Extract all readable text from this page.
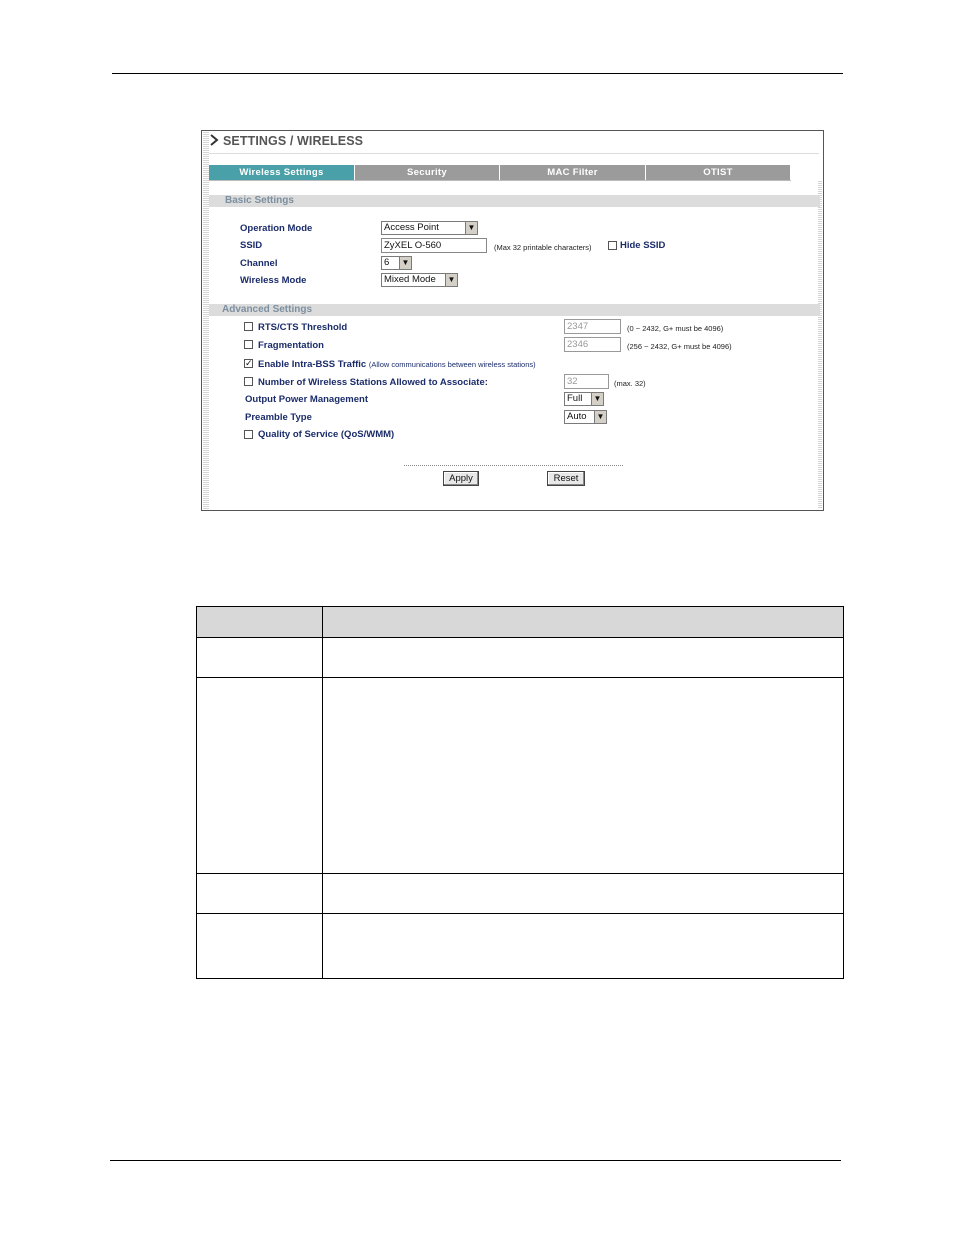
SETTINGS / WIRELESS
Wireless Settings	Security	MAC Filter	OTIST
Basic Settings
Operation Mode	Access Point	▼
SSID	ZyXEL O-560	(Max 32 printable characters)	Hide SSID
Channel	6	▼
Wireless Mode	Mixed Mode	▼
Advanced Settings
RTS/CTS Threshold	2347	(0 ~ 2432, G+ must be 4096)
Fragmentation	2346	(256 ~ 2432, G+ must be 4096)
✓ Enable Intra-BSS Traffic (Allow communications between wireless stations)
Number of Wireless Stations Allowed to Associate:	32	(max. 32)
Output Power Management	Full	▼
Preamble Type	Auto	▼
Quality of Service (QoS/WMM)
Apply	Reset
